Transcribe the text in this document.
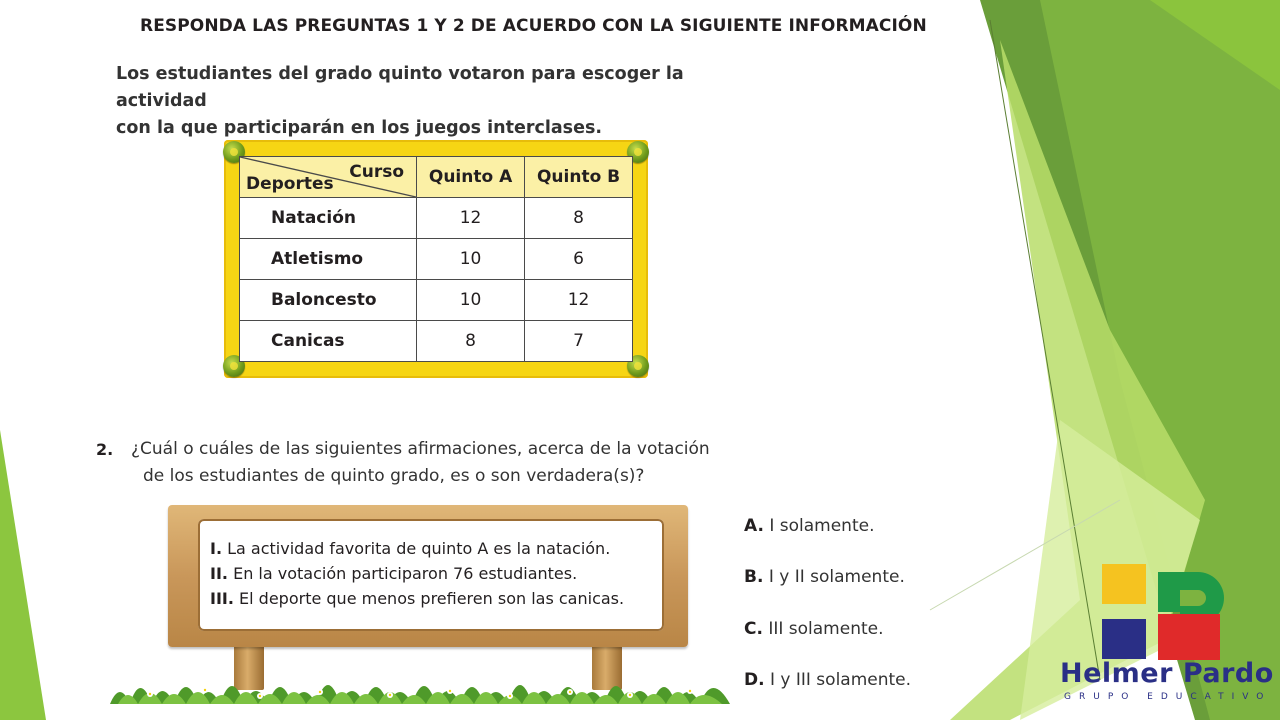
RESPONDA LAS PREGUNTAS 1 Y 2 DE ACUERDO CON LA SIGUIENTE INFORMACIÓN
Los estudiantes del grado quinto votaron para escoger la actividad
con la que participarán en los juegos interclases.
Curso
Deportes	Quinto A	Quinto B
Natación	12	8
Atletismo	10	6
Baloncesto	10	12
Canicas	8	7
2. ¿Cuál o cuáles de las siguientes afirmaciones, acerca de la votación
de los estudiantes de quinto grado, es o son verdadera(s)?
I. La actividad favorita de quinto A es la natación.
II. En la votación participaron 76 estudiantes.
III. El deporte que menos prefieren son las canicas.
A. I solamente.
B. I y II solamente.
C. III solamente.
D. I y III solamente.	Helmer Pardo
GRUPO EDUCATIVO
